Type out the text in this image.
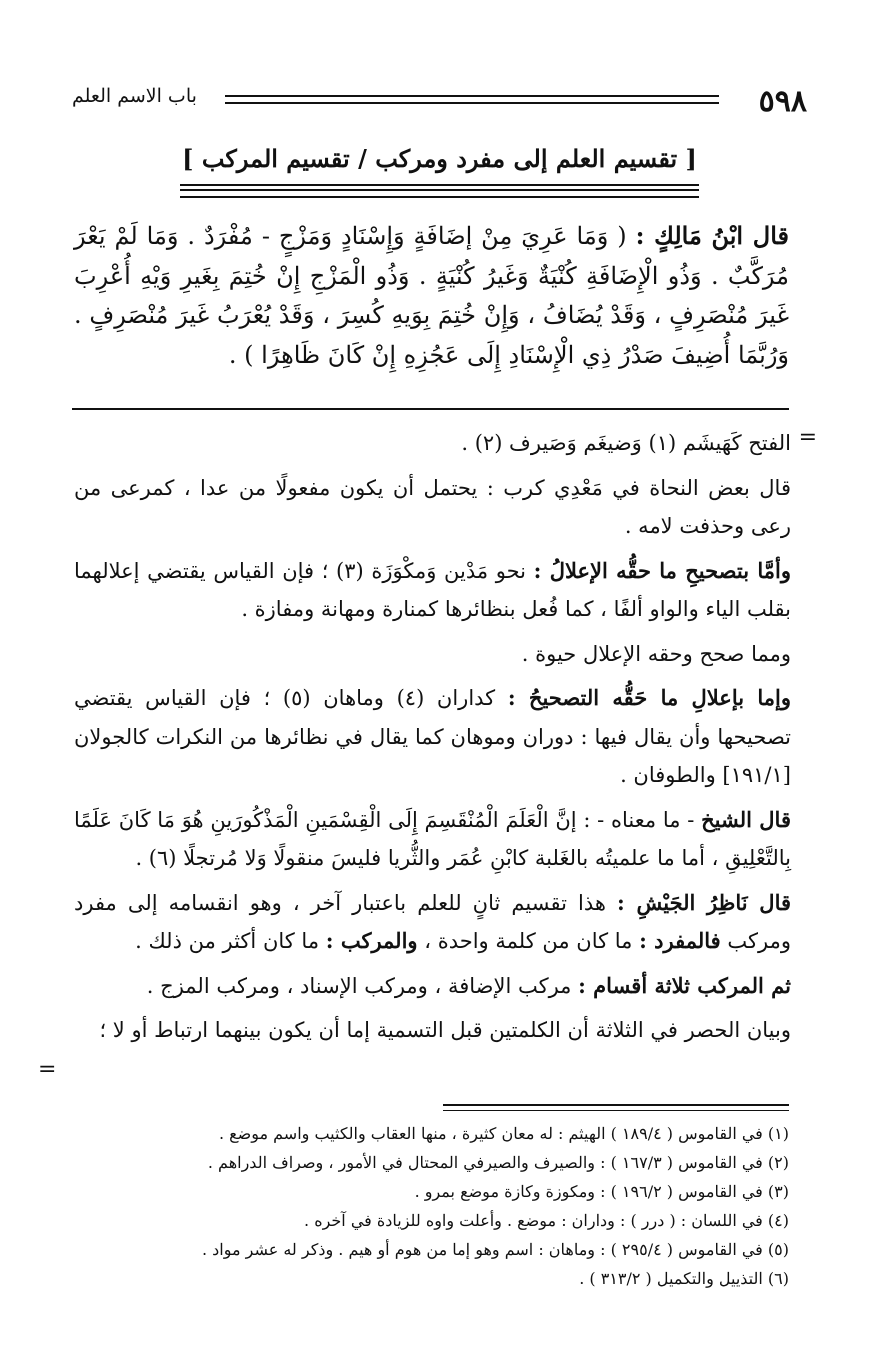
٥٩٨
باب الاسم العلم
[ تقسيم العلم إلى مفرد ومركب / تقسيم المركب ]
قال ابْنُ مَالِكٍ : ( وَمَا عَرِيَ مِنْ إضَافَةٍ وَإِسْنَادٍ وَمَزْجٍ - مُفْرَدٌ . وَمَا لَمْ يَعْرَ مُرَكَّبٌ . وَذُو الْإِضَافَةِ كُنْيَةٌ وَغَيرُ كُنْيَةٍ . وَذُو الْمَزْجِ إِنْ خُتِمَ بِغَيرِ وَيْهِ أُعْرِبَ غَيرَ مُنْصَرِفٍ ، وَقَدْ يُضَافُ ، وَإِنْ خُتِمَ بِوَيهِ كُسِرَ ، وَقَدْ يُعْرَبُ غَيرَ مُنْصَرِفٍ . وَرُبَّمَا أُضِيفَ صَدْرُ ذِي الْإِسْنَادِ إِلَى عَجُزِهِ إِنْ كَانَ ظَاهِرًا ) .
=

الفتح كَهَيشَم (١) وَضيغَم وَصَيرف (٢) .

قال بعض النحاة في مَعْدِي كرب : يحتمل أن يكون مفعولًا من عدا ، كمرعى من رعى وحذفت لامه .

وأمَّا بتصحيحِ ما حقُّه الإعلالُ : نحو مَدْين وَمكْوَزَة (٣) ؛ فإن القياس يقتضي إعلالهما بقلب الياء والواو ألفًا ، كما فُعل بنظائرها كمنارة ومهانة ومفازة .

ومما صحح وحقه الإعلال حيوة .

وإما بإعلالِ ما حَقُّه التصحيحُ : كداران (٤) وماهان (٥) ؛ فإن القياس يقتضي تصحيحها وأن يقال فيها : دوران وموهان كما يقال في نظائرها من النكرات كالجولان [١٩١/١] والطوفان .

قال الشيخ - ما معناه - : إنَّ الْعَلَمَ الْمُنْقَسِمَ إِلَى الْقِسْمَينِ الْمَذْكُورَينِ هُوَ مَا كَانَ عَلَمًا بِالتَّعْلِيقِ ، أما ما علميتُه بالغَلبة كابْنِ عُمَر والثُّريا فليسَ منقولًا وَلا مُرتجلًا (٦) .

قال نَاظِرُ الجَيْشِ : هذا تقسيم ثانٍ للعلم باعتبار آخر ، وهو انقسامه إلى مفرد ومركب فالمفرد : ما كان من كلمة واحدة ، والمركب : ما كان أكثر من ذلك .

ثم المركب ثلاثة أقسام : مركب الإضافة ، ومركب الإسناد ، ومركب المزج .

وبيان الحصر في الثلاثة أن الكلمتين قبل التسمية إما أن يكون بينهما ارتباط أو لا ؛

=
(١) في القاموس ( ١٨٩/٤ ) الهيثم : له معان كثيرة ، منها العقاب والكثيب واسم موضع .
(٢) في القاموس ( ١٦٧/٣ ) : والصيرف والصيرفي المحتال في الأمور ، وصراف الدراهم .
(٣) في القاموس ( ١٩٦/٢ ) : ومكوزة وكازة موضع بمرو .
(٤) في اللسان : ( درر ) : وداران : موضع . وأعلت واوه للزيادة في آخره .
(٥) في القاموس ( ٢٩٥/٤ ) : وماهان : اسم وهو إما من هوم أو هيم . وذكر له عشر مواد .
(٦) التذييل والتكميل ( ٣١٣/٢ ) .
